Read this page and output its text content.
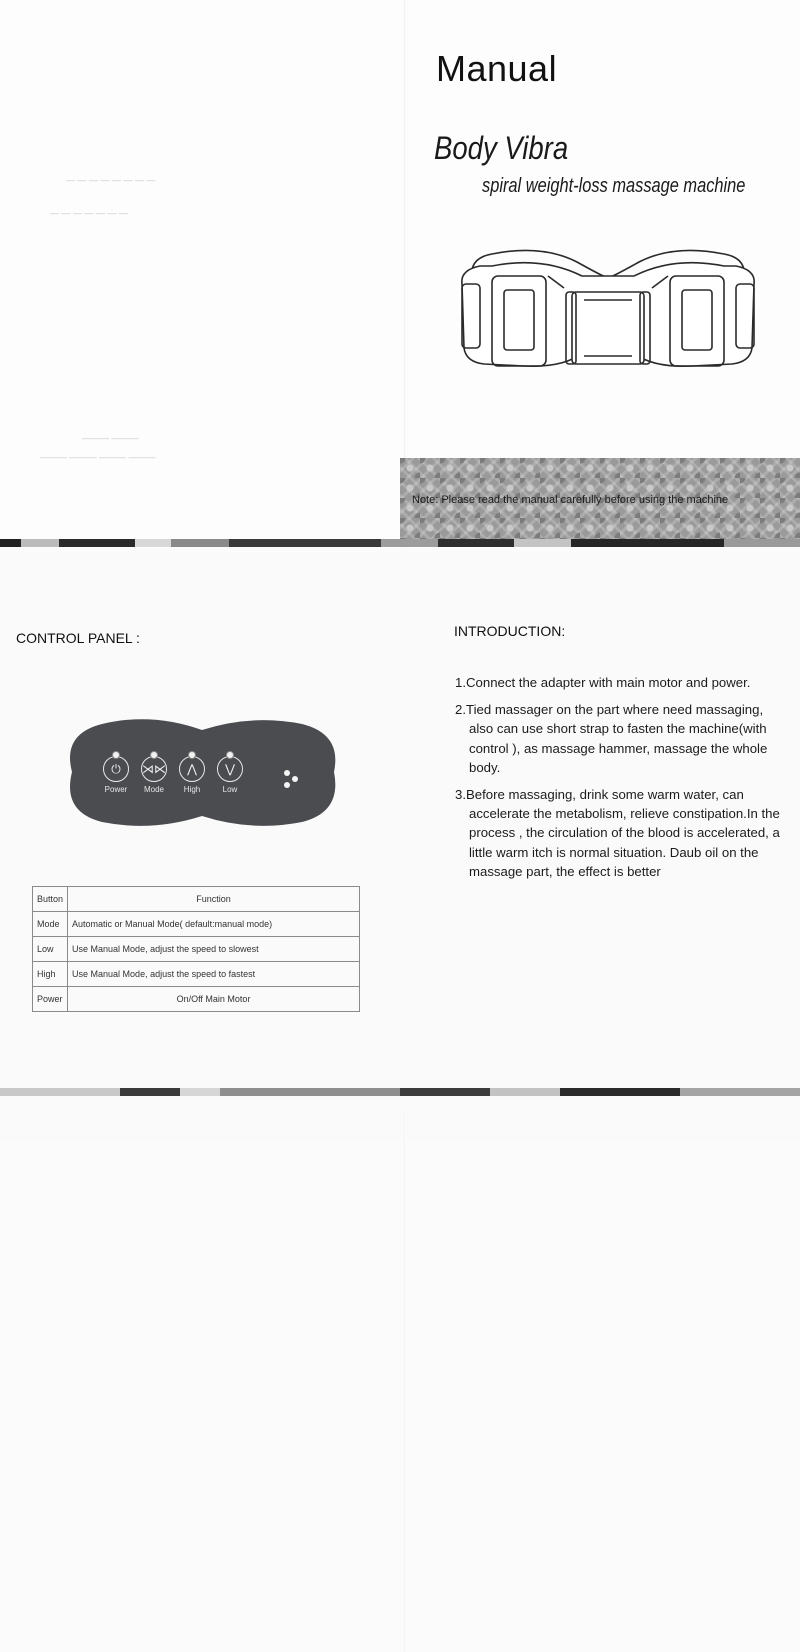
— — — — — — — —
— — — — — — —
——— ———
——— ——— ——— ———
Manual
Body Vibra
spiral weight-loss massage machine
Note: Please read the manual carefully before using the machine
CONTROL PANEL :
⏻
Power
⋊⋉
Mode
⋀
High
⋁
Low
Button	Function
Mode	Automatic or Manual Mode( default:manual mode)
Low	Use Manual Mode, adjust the speed to slowest
High	Use Manual Mode, adjust the speed to fastest
Power	On/Off Main Motor
INTRODUCTION:
1.Connect the adapter with main motor and power.
2.Tied massager on the part where need massaging, also can use short strap to fasten the machine(with control ), as massage hammer, massage the whole body.
3.Before massaging, drink some warm water, can accelerate the metabolism, relieve constipation.In the process , the circulation of the blood is accelerated, a little warm itch is normal situation. Daub oil on the massage part, the effect is better
